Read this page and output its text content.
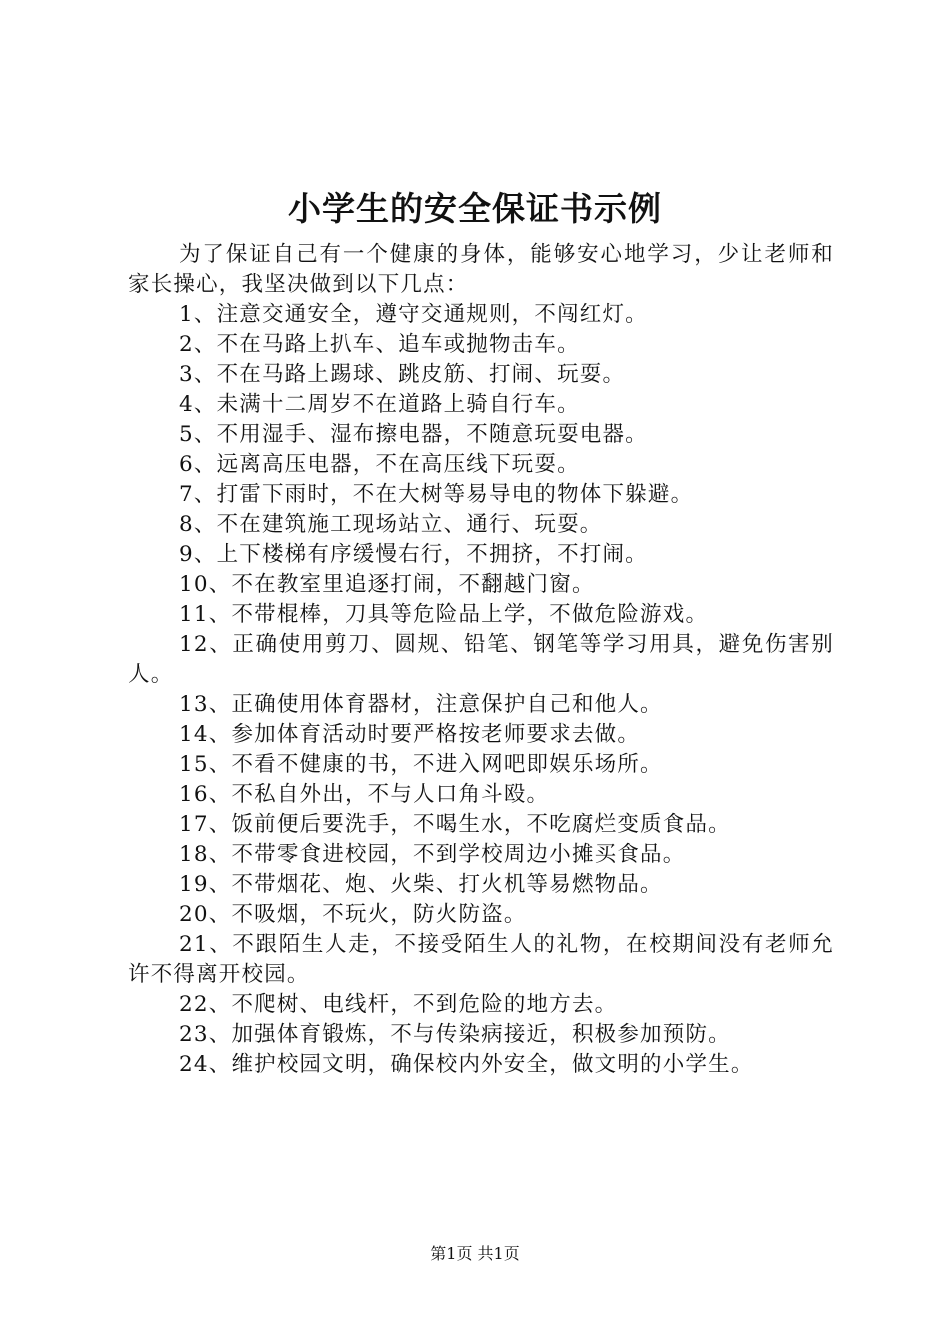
小学生的安全保证书示例

为了保证自己有一个健康的身体，能够安心地学习，少让老师和家长操心，我坚决做到以下几点：

1、注意交通安全，遵守交通规则，不闯红灯。

2、不在马路上扒车、追车或抛物击车。

3、不在马路上踢球、跳皮筋、打闹、玩耍。

4、未满十二周岁不在道路上骑自行车。

5、不用湿手、湿布擦电器，不随意玩耍电器。

6、远离高压电器，不在高压线下玩耍。

7、打雷下雨时，不在大树等易导电的物体下躲避。

8、不在建筑施工现场站立、通行、玩耍。

9、上下楼梯有序缓慢右行，不拥挤，不打闹。

10、不在教室里追逐打闹，不翻越门窗。

11、不带棍棒，刀具等危险品上学，不做危险游戏。

12、正确使用剪刀、圆规、铅笔、钢笔等学习用具，避免伤害别人。

13、正确使用体育器材，注意保护自己和他人。

14、参加体育活动时要严格按老师要求去做。

15、不看不健康的书，不进入网吧即娱乐场所。

16、不私自外出，不与人口角斗殴。

17、饭前便后要洗手，不喝生水，不吃腐烂变质食品。

18、不带零食进校园，不到学校周边小摊买食品。

19、不带烟花、炮、火柴、打火机等易燃物品。

20、不吸烟，不玩火，防火防盗。

21、不跟陌生人走，不接受陌生人的礼物，在校期间没有老师允许不得离开校园。

22、不爬树、电线杆，不到危险的地方去。

23、加强体育锻炼，不与传染病接近，积极参加预防。

24、维护校园文明，确保校内外安全，做文明的小学生。

第1页 共1页
